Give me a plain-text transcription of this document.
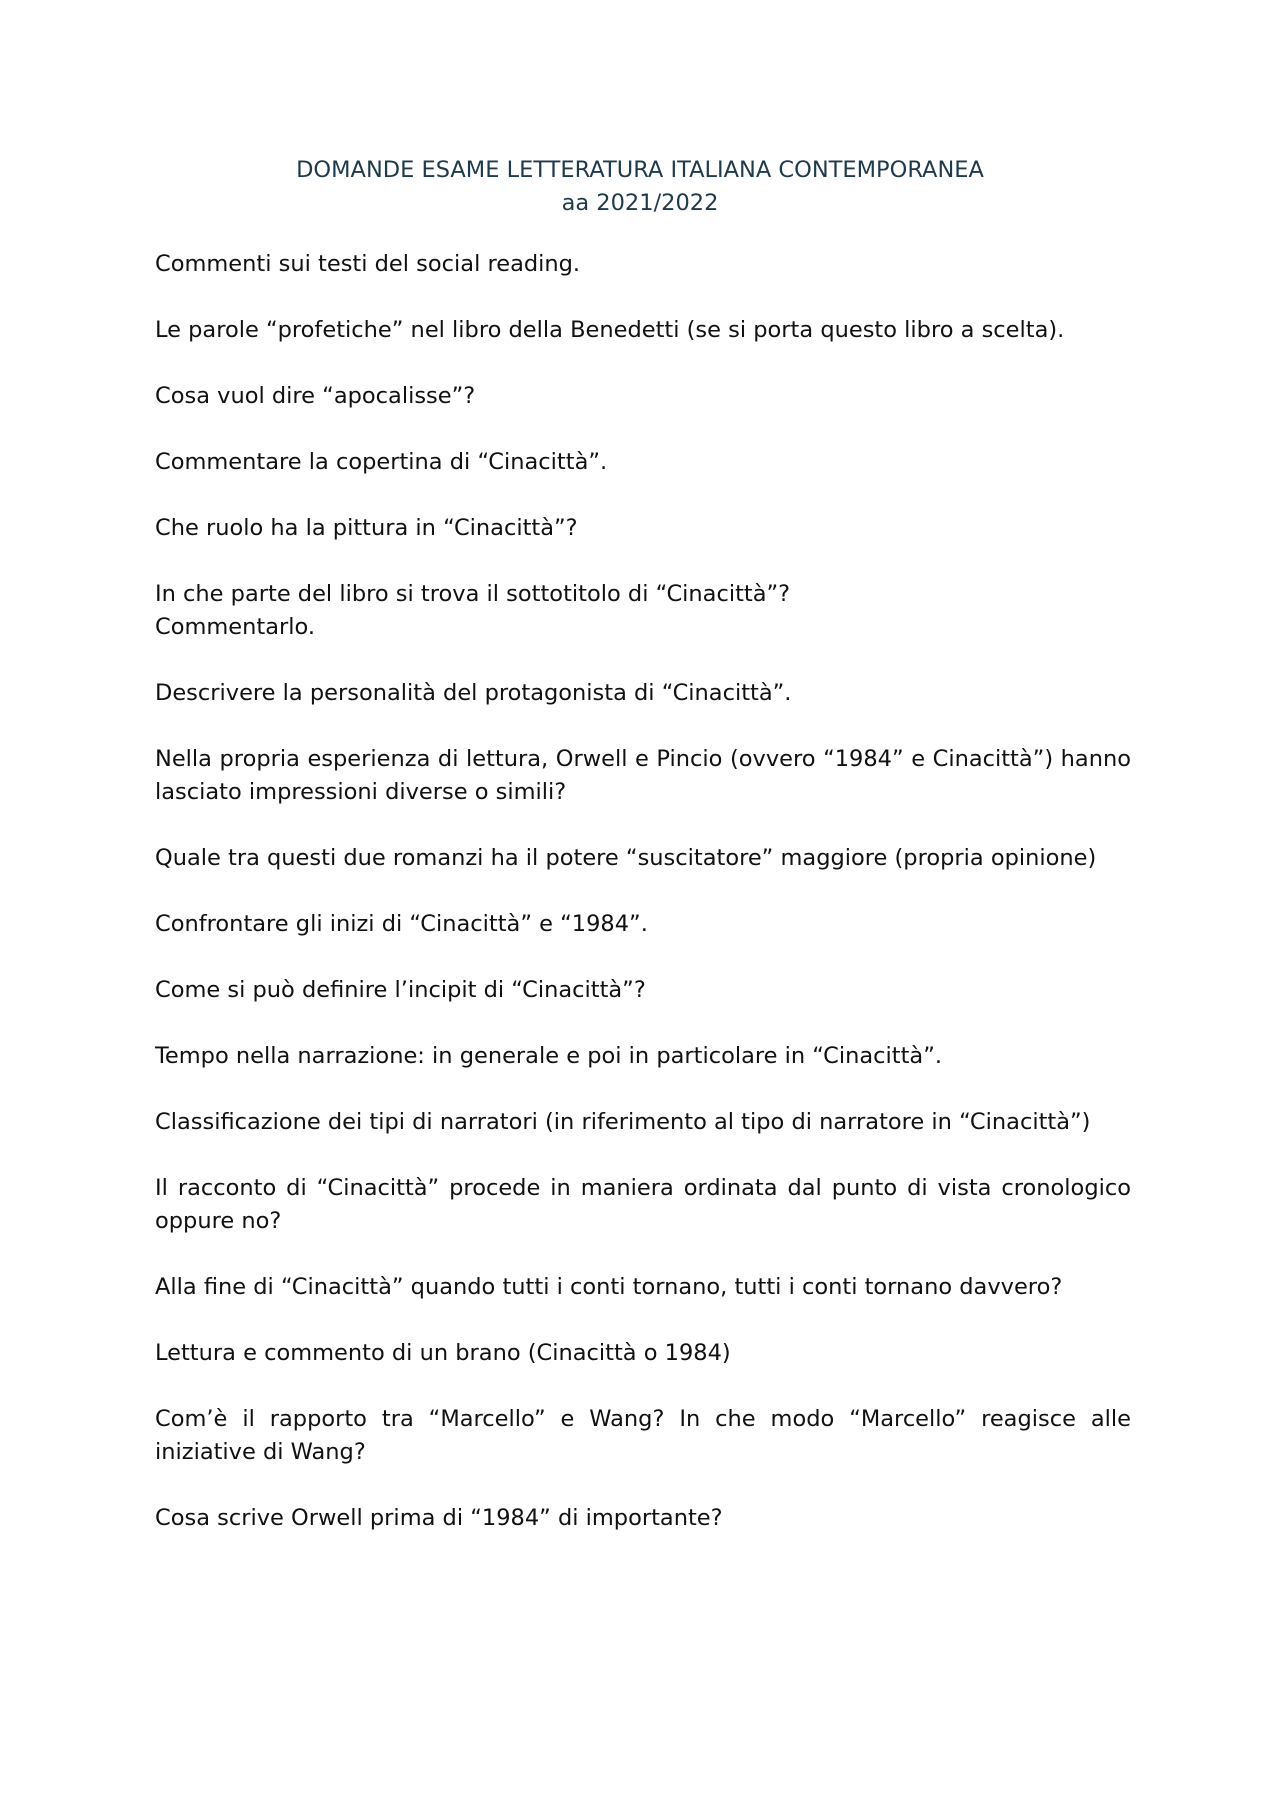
DOMANDE ESAME LETTERATURA ITALIANA CONTEMPORANEA
aa 2021/2022

Commenti sui testi del social reading.

Le parole “profetiche” nel libro della Benedetti (se si porta questo libro a scelta).

Cosa vuol dire “apocalisse”?

Commentare la copertina di “Cinacittà”.

Che ruolo ha la pittura in “Cinacittà”?

In che parte del libro si trova il sottotitolo di “Cinacittà”?

Commentarlo.

Descrivere la personalità del protagonista di “Cinacittà”.

Nella propria esperienza di lettura, Orwell e Pincio (ovvero “1984” e Cinacittà”) hanno lasciato impressioni diverse o simili?

Quale tra questi due romanzi ha il potere “suscitatore” maggiore (propria opinione)

Confrontare gli inizi di “Cinacittà” e “1984”.

Come si può definire l’incipit di “Cinacittà”?

Tempo nella narrazione: in generale e poi in particolare in “Cinacittà”.

Classificazione dei tipi di narratori (in riferimento al tipo di narratore in “Cinacittà”)

Il racconto di “Cinacittà” procede in maniera ordinata dal punto di vista cronologico oppure no?

Alla fine di “Cinacittà” quando tutti i conti tornano, tutti i conti tornano davvero?

Lettura e commento di un brano (Cinacittà o 1984)

Com’è il rapporto tra “Marcello” e Wang? In che modo “Marcello” reagisce alle iniziative di Wang?

Cosa scrive Orwell prima di “1984” di importante?
